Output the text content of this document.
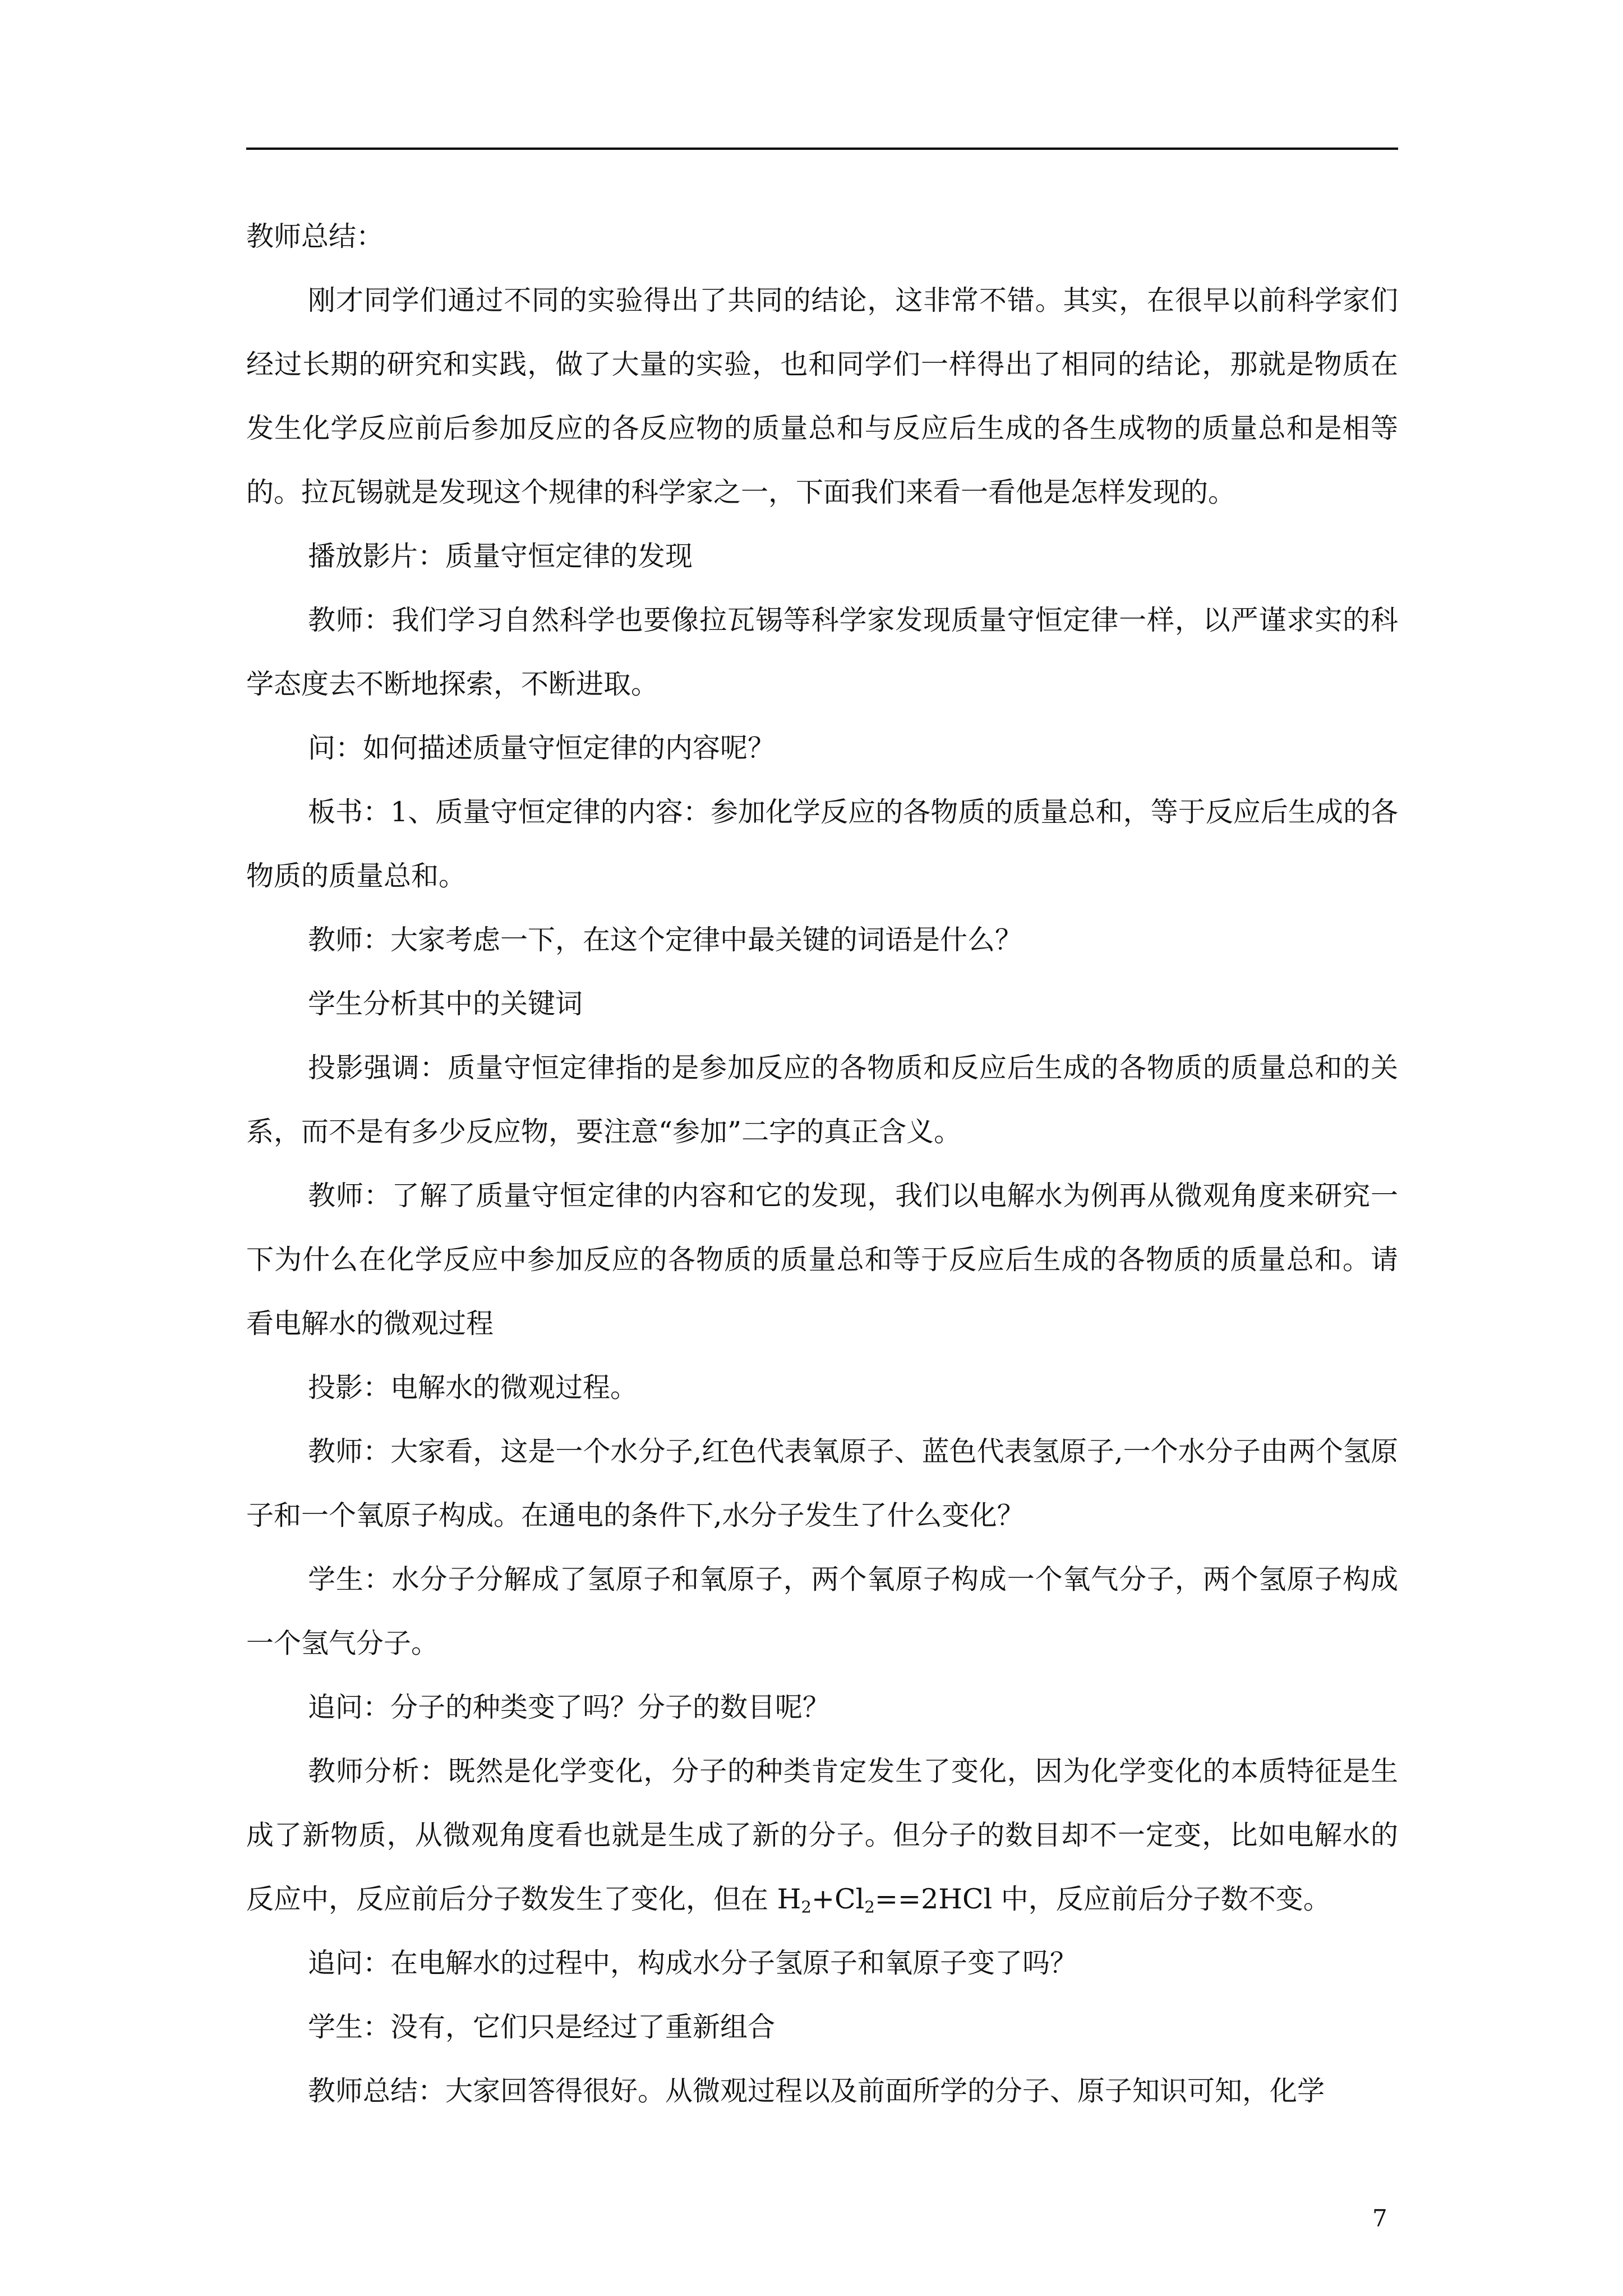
教师总结：

刚才同学们通过不同的实验得出了共同的结论，这非常不错。其实，在很早以前科学家们经过长期的研究和实践，做了大量的实验，也和同学们一样得出了相同的结论，那就是物质在发生化学反应前后参加反应的各反应物的质量总和与反应后生成的各生成物的质量总和是相等的。拉瓦锡就是发现这个规律的科学家之一，下面我们来看一看他是怎样发现的。

播放影片：质量守恒定律的发现

教师：我们学习自然科学也要像拉瓦锡等科学家发现质量守恒定律一样，以严谨求实的科学态度去不断地探索，不断进取。

问：如何描述质量守恒定律的内容呢？

板书：1、质量守恒定律的内容：参加化学反应的各物质的质量总和，等于反应后生成的各物质的质量总和。

教师：大家考虑一下，在这个定律中最关键的词语是什么？

学生分析其中的关键词

投影强调：质量守恒定律指的是参加反应的各物质和反应后生成的各物质的质量总和的关系，而不是有多少反应物，要注意“参加”二字的真正含义。

教师：了解了质量守恒定律的内容和它的发现，我们以电解水为例再从微观角度来研究一下为什么在化学反应中参加反应的各物质的质量总和等于反应后生成的各物质的质量总和。请看电解水的微观过程

投影：电解水的微观过程。

教师：大家看，这是一个水分子,红色代表氧原子、蓝色代表氢原子,一个水分子由两个氢原子和一个氧原子构成。在通电的条件下,水分子发生了什么变化？

学生：水分子分解成了氢原子和氧原子，两个氧原子构成一个氧气分子，两个氢原子构成一个氢气分子。

追问：分子的种类变了吗？分子的数目呢？

教师分析：既然是化学变化，分子的种类肯定发生了变化，因为化学变化的本质特征是生成了新物质，从微观角度看也就是生成了新的分子。但分子的数目却不一定变，比如电解水的反应中，反应前后分子数发生了变化，但在 $H_2+Cl_2==2HCl$ 中，反应前后分子数不变。

追问：在电解水的过程中，构成水分子氢原子和氧原子变了吗？

学生：没有，它们只是经过了重新组合

教师总结：大家回答得很好。从微观过程以及前面所学的分子、原子知识可知，化学

7
